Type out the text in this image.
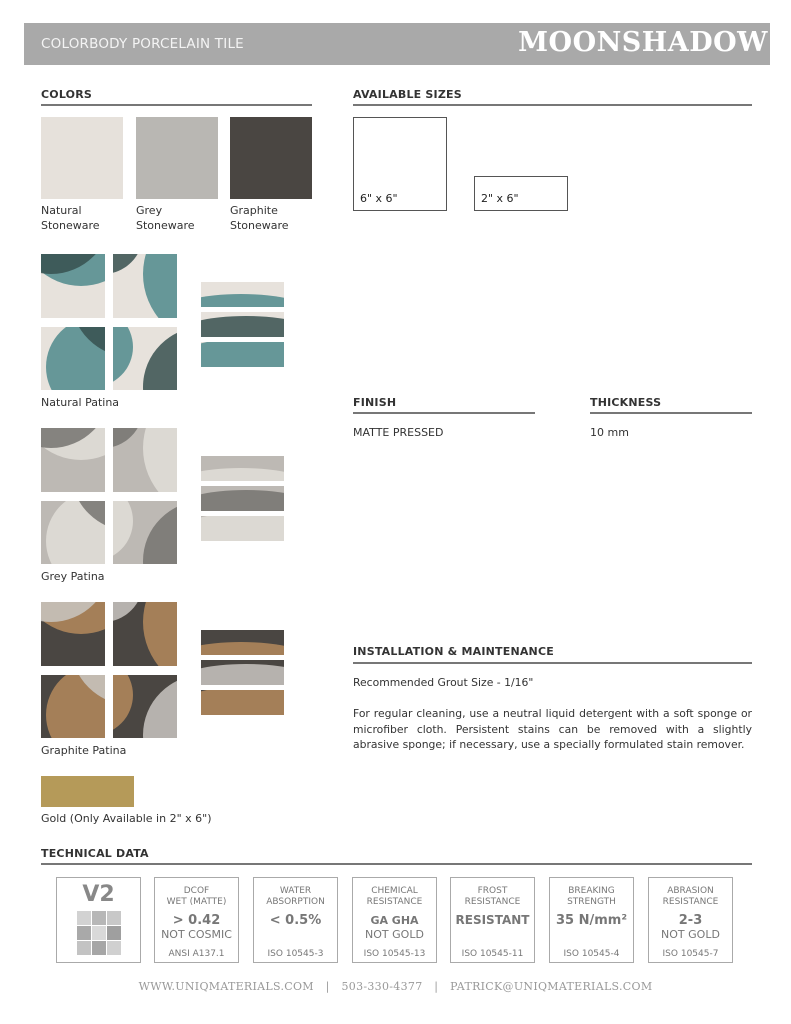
COLORBODY PORCELAIN TILE	MOONSHADOW
COLORS
Natural
Stoneware
Grey
Stoneware
Graphite
Stoneware
Natural Patina
Grey Patina
Graphite Patina
Gold (Only Available in 2" x 6")
AVAILABLE SIZES
6" x 6"	2" x 6"
FINISH
MATTE PRESSED
THICKNESS
10 mm
INSTALLATION & MAINTENANCE
Recommended Grout Size - 1/16"
For regular cleaning, use a neutral liquid detergent with a soft sponge or microfiber cloth. Persistent stains can be removed with a slightly abrasive sponge; if necessary, use a specially formulated stain remover.
TECHNICAL DATA
V2	DCOF
WET (MATTE)
> 0.42
NOT COSMIC
ANSI A137.1
WATER
ABSORPTION
< 0.5%
ISO 10545-3
CHEMICAL
RESISTANCE
GA GHA
NOT GOLD
ISO 10545-13
FROST
RESISTANCE
RESISTANT
ISO 10545-11
BREAKING
STRENGTH
35 N/mm²
ISO 10545-4
ABRASION
RESISTANCE
2-3
NOT GOLD
ISO 10545-7
WWW.UNIQMATERIALS.COM | 503-330-4377 | PATRICK@UNIQMATERIALS.COM
